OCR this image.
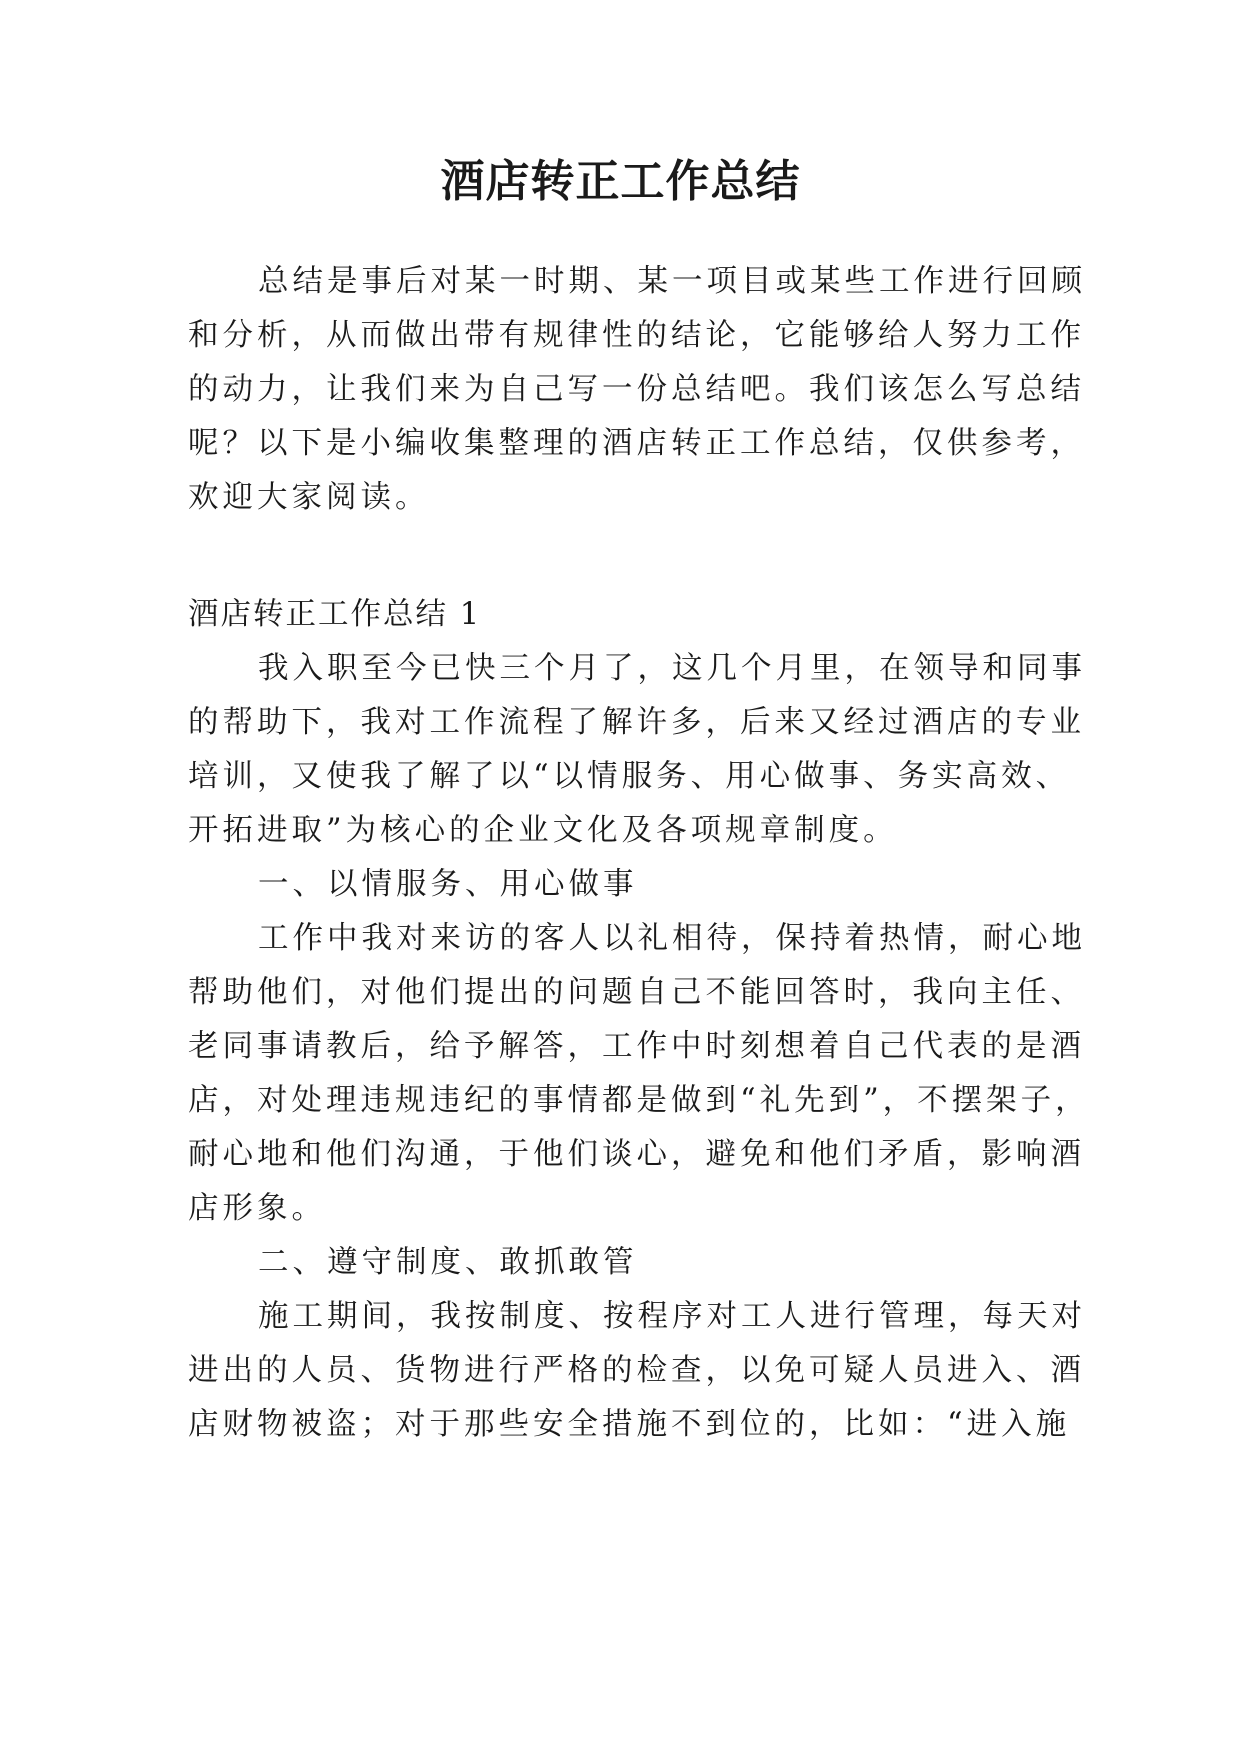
酒店转正工作总结
总结是事后对某一时期、某一项目或某些工作进行回顾
和分析，从而做出带有规律性的结论，它能够给人努力工作
的动力，让我们来为自己写一份总结吧。我们该怎么写总结
呢？以下是小编收集整理的酒店转正工作总结，仅供参考，
欢迎大家阅读。
酒店转正工作总结 1
我入职至今已快三个月了，这几个月里，在领导和同事
的帮助下，我对工作流程了解许多，后来又经过酒店的专业
培训，又使我了解了以“以情服务、用心做事、务实高效、
开拓进取”为核心的企业文化及各项规章制度。
一、以情服务、用心做事
工作中我对来访的客人以礼相待，保持着热情，耐心地
帮助他们，对他们提出的问题自己不能回答时，我向主任、
老同事请教后，给予解答，工作中时刻想着自己代表的是酒
店，对处理违规违纪的事情都是做到“礼先到”，不摆架子，
耐心地和他们沟通，于他们谈心，避免和他们矛盾，影响酒
店形象。
二、遵守制度、敢抓敢管
施工期间，我按制度、按程序对工人进行管理，每天对
进出的人员、货物进行严格的检查，以免可疑人员进入、酒
店财物被盗；对于那些安全措施不到位的，比如：“进入施
